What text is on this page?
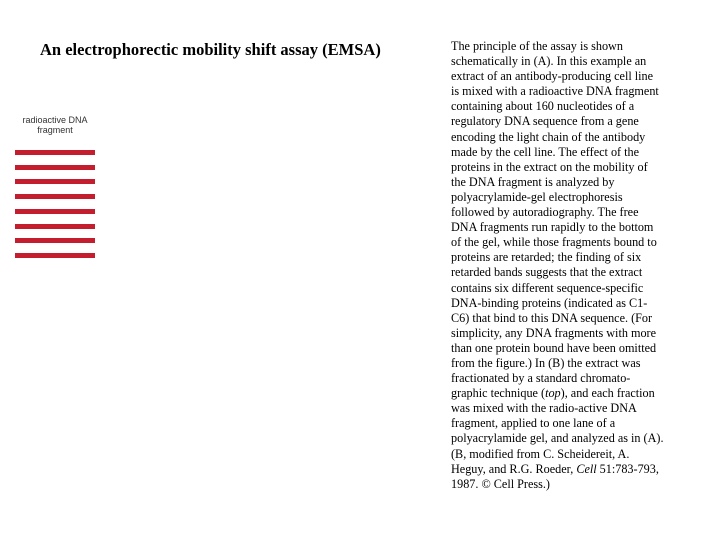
An electrophorectic mobility shift assay (EMSA)
radioactive DNA
fragment
The principle of the assay is shown
schematically in (A). In this example an
extract of an antibody-producing cell line
is mixed with a radioactive DNA fragment
containing about 160 nucleotides of a
regulatory DNA sequence from a gene
encoding the light chain of the antibody
made by the cell line. The effect of the
proteins in the extract on the mobility of
the DNA fragment is analyzed by
polyacrylamide-gel electrophoresis
followed by autoradiography. The free
DNA fragments run rapidly to the bottom
of the gel, while those fragments bound to
proteins are retarded; the finding of six
retarded bands suggests that the extract
contains six different sequence-specific
DNA-binding proteins (indicated as C1-
C6) that bind to this DNA sequence. (For
simplicity, any DNA fragments with more
than one protein bound have been omitted
from the figure.) In (B) the extract was
fractionated by a standard chromato-
graphic technique (top), and each fraction
was mixed with the radio-active DNA
fragment, applied to one lane of a
polyacrylamide gel, and analyzed as in (A).
(B, modified from C. Scheidereit, A.
Heguy, and R.G. Roeder, Cell 51:783-793,
1987. © Cell Press.)
